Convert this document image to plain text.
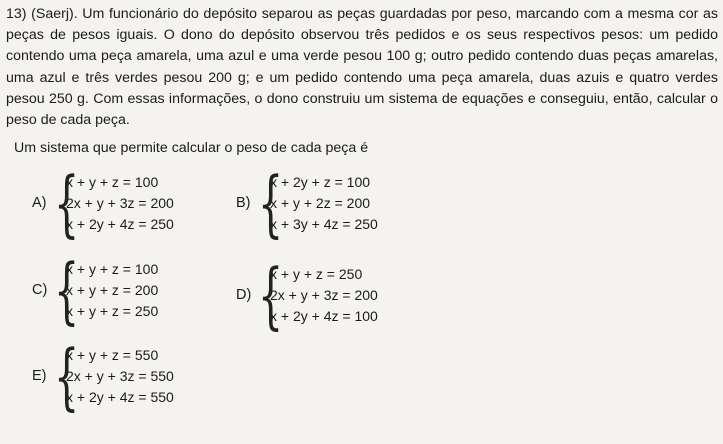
13) (Saerj). Um funcionário do depósito separou as peças guardadas por peso, marcando com a mesma cor as peças de pesos iguais. O dono do depósito observou três pedidos e os seus respectivos pesos: um pedido contendo uma peça amarela, uma azul e uma verde pesou 100 g; outro pedido contendo duas peças amarelas, uma azul e três verdes pesou 200 g; e um pedido contendo uma peça amarela, duas azuis e quatro verdes pesou 250 g. Com essas informações, o dono construiu um sistema de equações e conseguiu, então, calcular o peso de cada peça.
Um sistema que permite calcular o peso de cada peça é
A) {
x + y + z = 100
2x + y + 3z = 200
x + 2y + 4z = 250
B) {
x + 2y + z = 100
x + y + 2z = 200
x + 3y + 4z = 250
C) {
x + y + z = 100
x + y + z = 200
x + y + z = 250
D) {
x + y + z = 250
2x + y + 3z = 200
x + 2y + 4z = 100
E) {
x + y + z = 550
2x + y + 3z = 550
x + 2y + 4z = 550
